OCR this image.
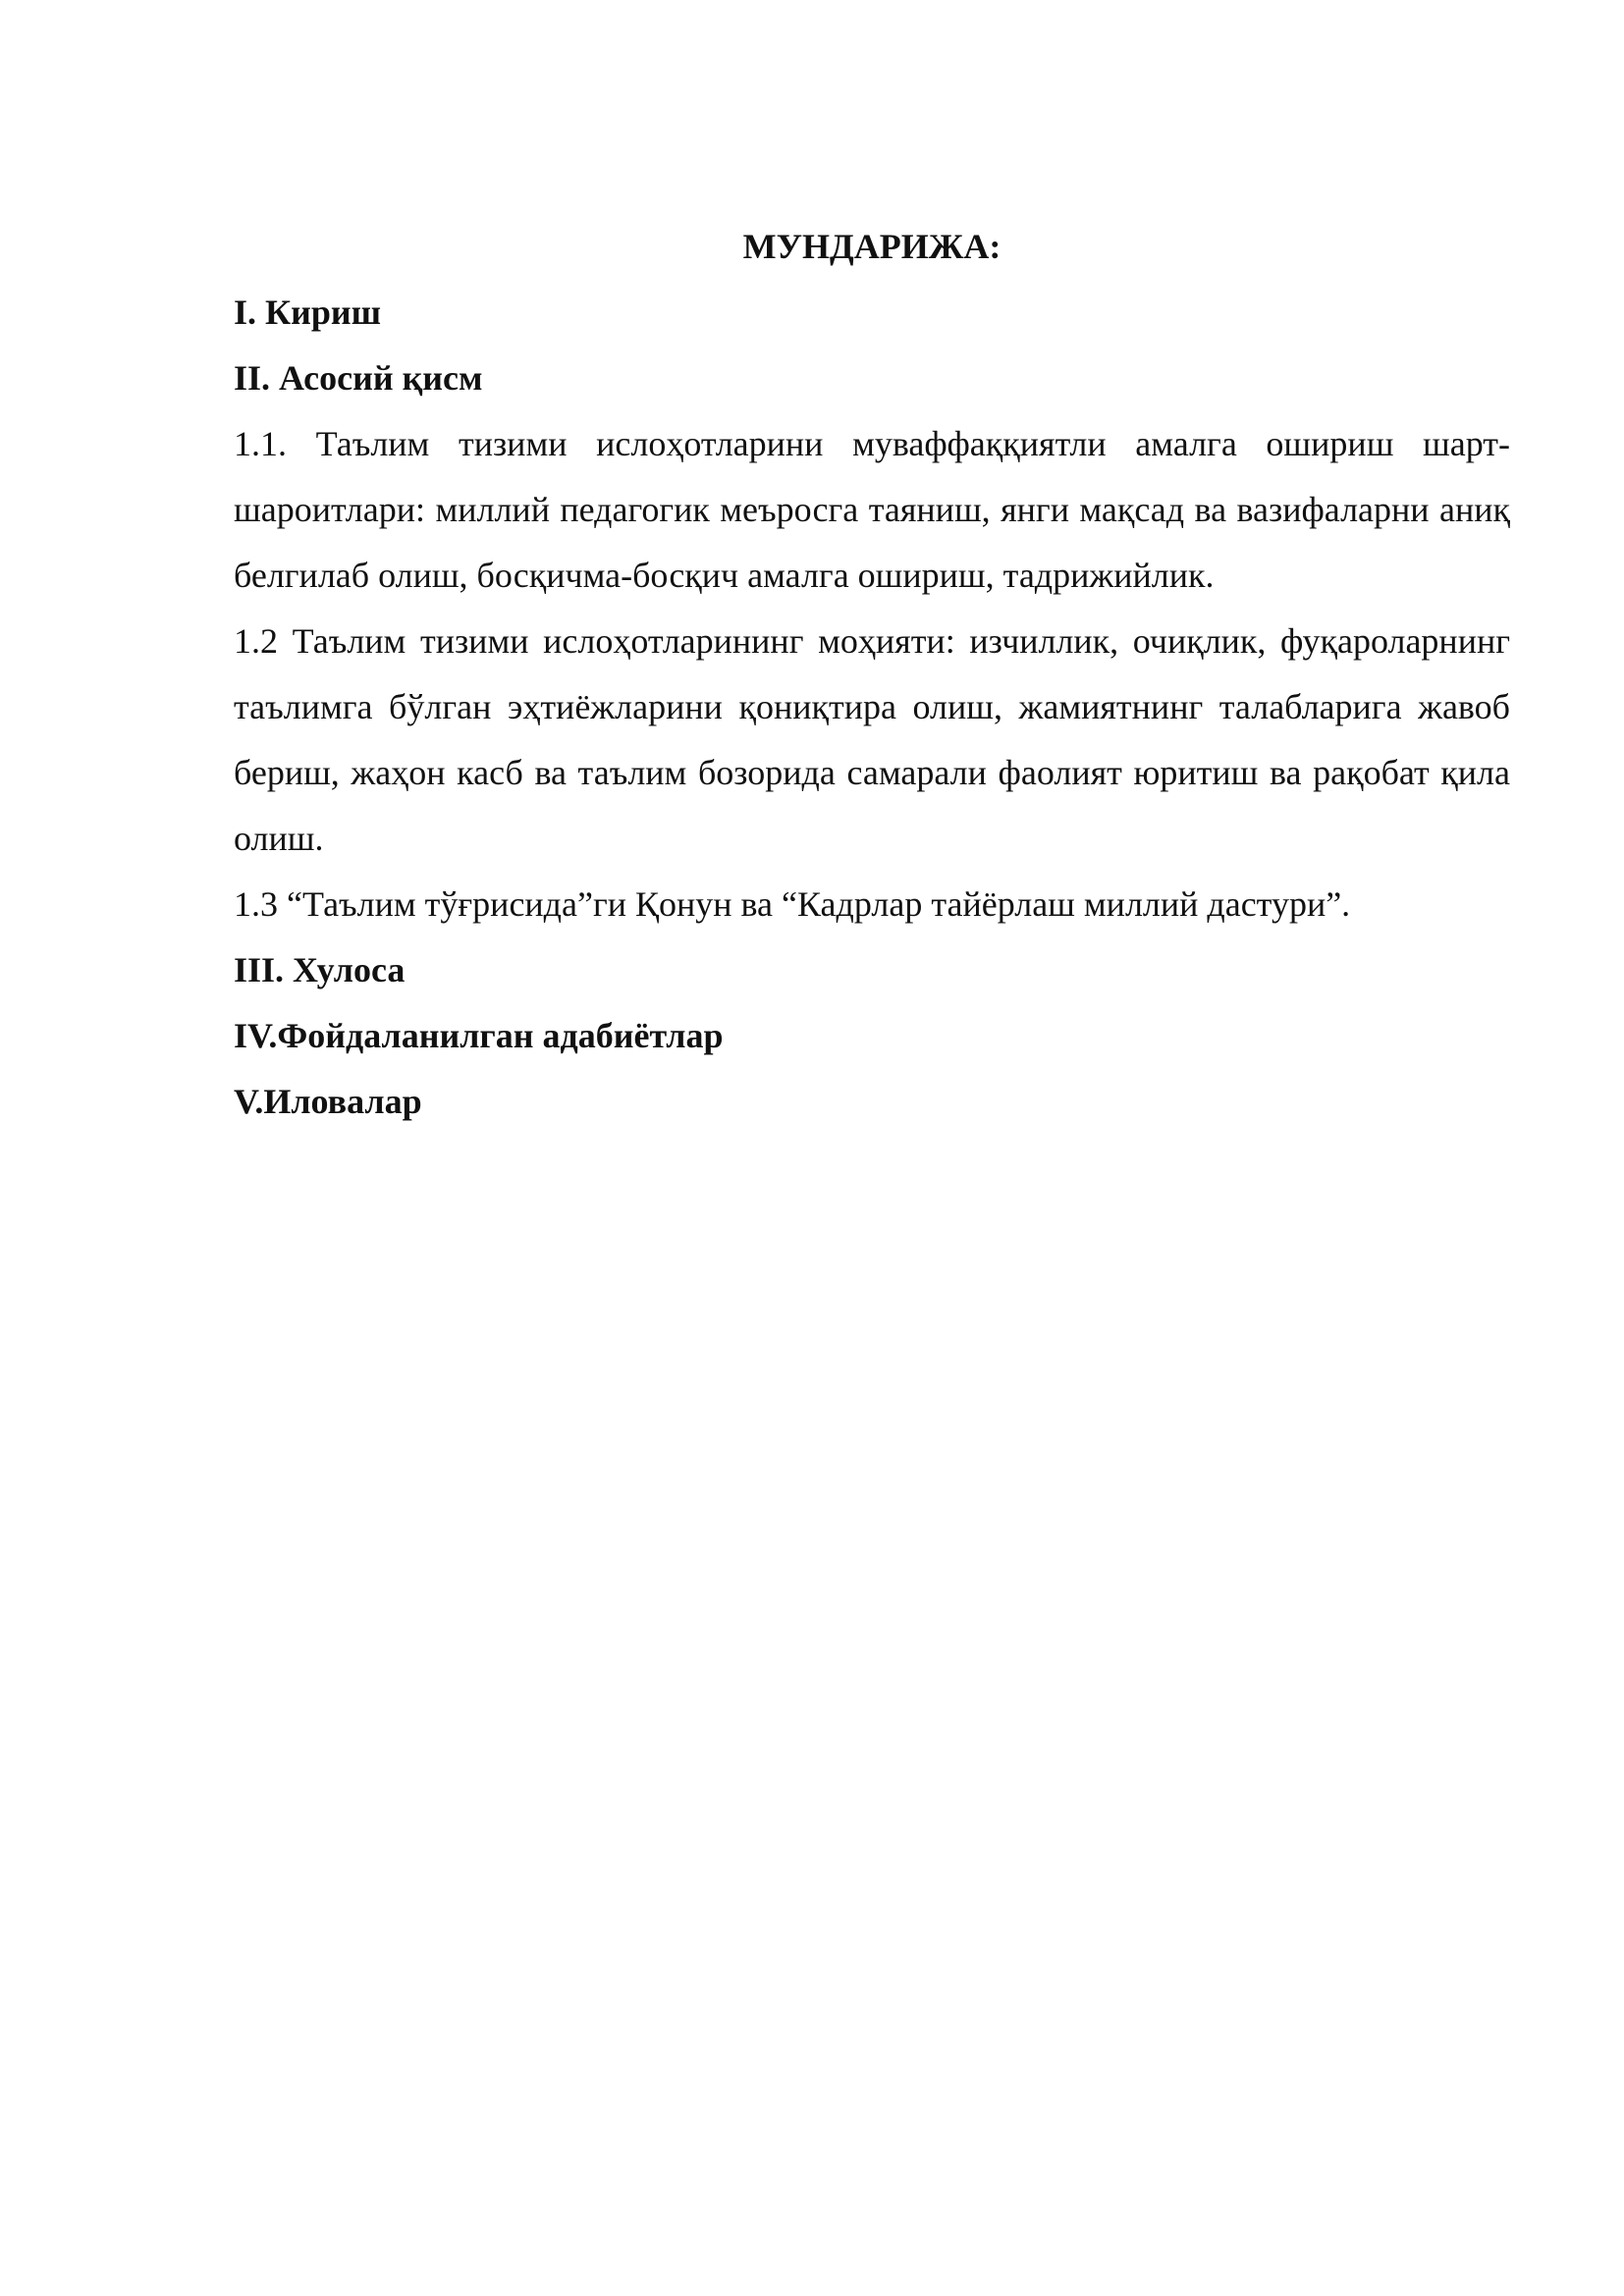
МУНДАРИЖА:

I. Кириш

II. Асосий қисм

1.1. Таълим тизими ислоҳотларини муваффаққиятли амалга ошириш шарт-шароитлари: миллий педагогик меъросга таяниш, янги мақсад ва вазифаларни аниқ белгилаб олиш, босқичма-босқич амалга ошириш, тадрижийлик.

1.2 Таълим тизими ислоҳотларининг моҳияти: изчиллик, очиқлик, фуқароларнинг таълимга бўлган эҳтиёжларини қониқтира олиш, жамиятнинг талабларига жавоб бериш, жаҳон касб ва таълим бозорида самарали фаолият юритиш ва рақобат қила олиш.

1.3 “Таълим тўғрисида”ги Қонун ва “Кадрлар тайёрлаш миллий дастури”.

III. Хулоса

IV.Фойдаланилган адабиётлар

V.Иловалар
